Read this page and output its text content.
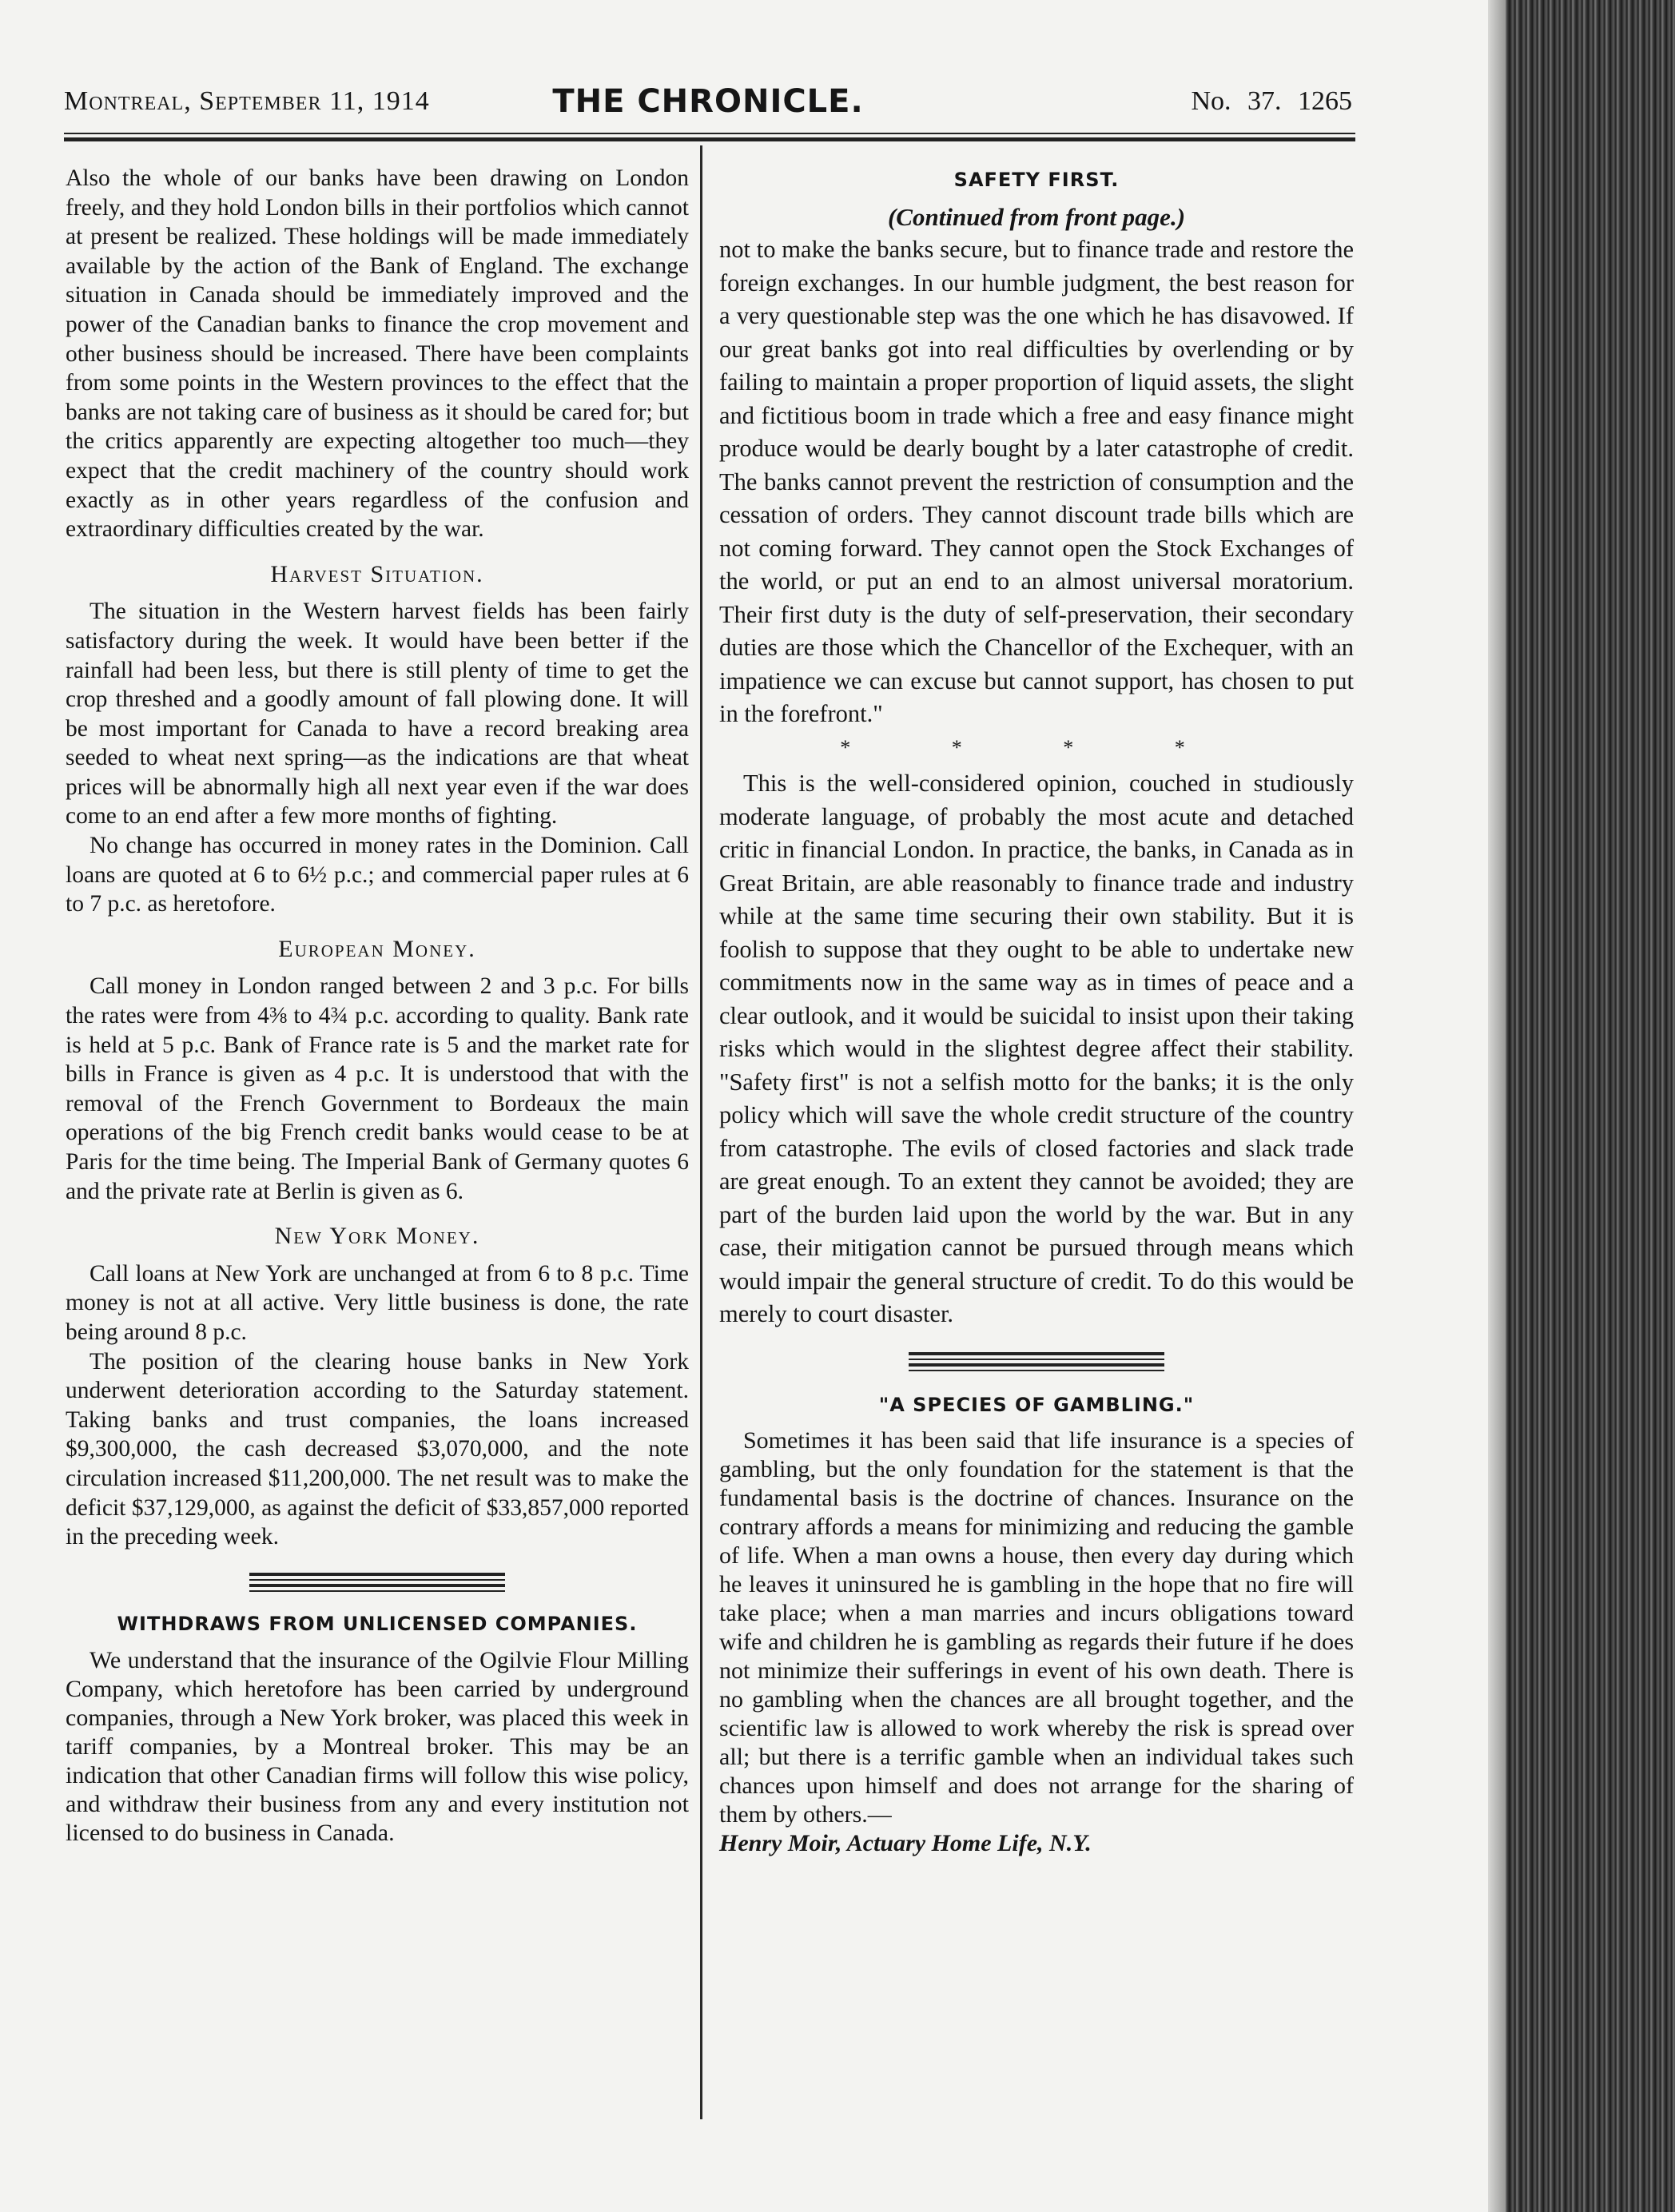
Montreal, September 11, 1914	THE CHRONICLE.	No. 37. 1265

Also the whole of our banks have been drawing on London freely, and they hold London bills in their portfolios which cannot at present be realized. These holdings will be made immediately available by the action of the Bank of England. The exchange situation in Canada should be immediately improved and the power of the Canadian banks to finance the crop movement and other business should be increased. There have been complaints from some points in the Western provinces to the effect that the banks are not taking care of business as it should be cared for; but the critics apparently are expecting altogether too much—they expect that the credit machinery of the country should work exactly as in other years regardless of the confusion and extraordinary difficulties created by the war.

Harvest Situation.

The situation in the Western harvest fields has been fairly satisfactory during the week. It would have been better if the rainfall had been less, but there is still plenty of time to get the crop threshed and a goodly amount of fall plowing done. It will be most important for Canada to have a record breaking area seeded to wheat next spring—as the indications are that wheat prices will be abnormally high all next year even if the war does come to an end after a few more months of fighting.

No change has occurred in money rates in the Dominion. Call loans are quoted at 6 to 6½ p.c.; and commercial paper rules at 6 to 7 p.c. as heretofore.

European Money.

Call money in London ranged between 2 and 3 p.c. For bills the rates were from 4⅜ to 4¾ p.c. according to quality. Bank rate is held at 5 p.c. Bank of France rate is 5 and the market rate for bills in France is given as 4 p.c. It is understood that with the removal of the French Government to Bordeaux the main operations of the big French credit banks would cease to be at Paris for the time being. The Imperial Bank of Germany quotes 6 and the private rate at Berlin is given as 6.

New York Money.

Call loans at New York are unchanged at from 6 to 8 p.c. Time money is not at all active. Very little business is done, the rate being around 8 p.c.

The position of the clearing house banks in New York underwent deterioration according to the Saturday statement. Taking banks and trust companies, the loans increased $9,300,000, the cash decreased $3,070,000, and the note circulation increased $11,200,000. The net result was to make the deficit $37,129,000, as against the deficit of $33,857,000 reported in the preceding week.

WITHDRAWS FROM UNLICENSED COMPANIES.

We understand that the insurance of the Ogilvie Flour Milling Company, which heretofore has been carried by underground companies, through a New York broker, was placed this week in tariff companies, by a Montreal broker. This may be an indication that other Canadian firms will follow this wise policy, and withdraw their business from any and every institution not licensed to do business in Canada.

SAFETY FIRST.
(Continued from front page.)

not to make the banks secure, but to finance trade and restore the foreign exchanges. In our humble judgment, the best reason for a very questionable step was the one which he has disavowed. If our great banks got into real difficulties by overlending or by failing to maintain a proper proportion of liquid assets, the slight and fictitious boom in trade which a free and easy finance might produce would be dearly bought by a later catastrophe of credit. The banks cannot prevent the restriction of consumption and the cessation of orders. They cannot discount trade bills which are not coming forward. They cannot open the Stock Exchanges of the world, or put an end to an almost universal moratorium. Their first duty is the duty of self-preservation, their secondary duties are those which the Chancellor of the Exchequer, with an impatience we can excuse but cannot support, has chosen to put in the forefront."

* * * *

This is the well-considered opinion, couched in studiously moderate language, of probably the most acute and detached critic in financial London. In practice, the banks, in Canada as in Great Britain, are able reasonably to finance trade and industry while at the same time securing their own stability. But it is foolish to suppose that they ought to be able to undertake new commitments now in the same way as in times of peace and a clear outlook, and it would be suicidal to insist upon their taking risks which would in the slightest degree affect their stability. "Safety first" is not a selfish motto for the banks; it is the only policy which will save the whole credit structure of the country from catastrophe. The evils of closed factories and slack trade are great enough. To an extent they cannot be avoided; they are part of the burden laid upon the world by the war. But in any case, their mitigation cannot be pursued through means which would impair the general structure of credit. To do this would be merely to court disaster.

"A SPECIES OF GAMBLING."

Sometimes it has been said that life insurance is a species of gambling, but the only foundation for the statement is that the fundamental basis is the doctrine of chances. Insurance on the contrary affords a means for minimizing and reducing the gamble of life. When a man owns a house, then every day during which he leaves it uninsured he is gambling in the hope that no fire will take place; when a man marries and incurs obligations toward wife and children he is gambling as regards their future if he does not minimize their sufferings in event of his own death. There is no gambling when the chances are all brought together, and the scientific law is allowed to work whereby the risk is spread over all; but there is a terrific gamble when an individual takes such chances upon himself and does not arrange for the sharing of them by others.—

Henry Moir, Actuary Home Life, N.Y.
